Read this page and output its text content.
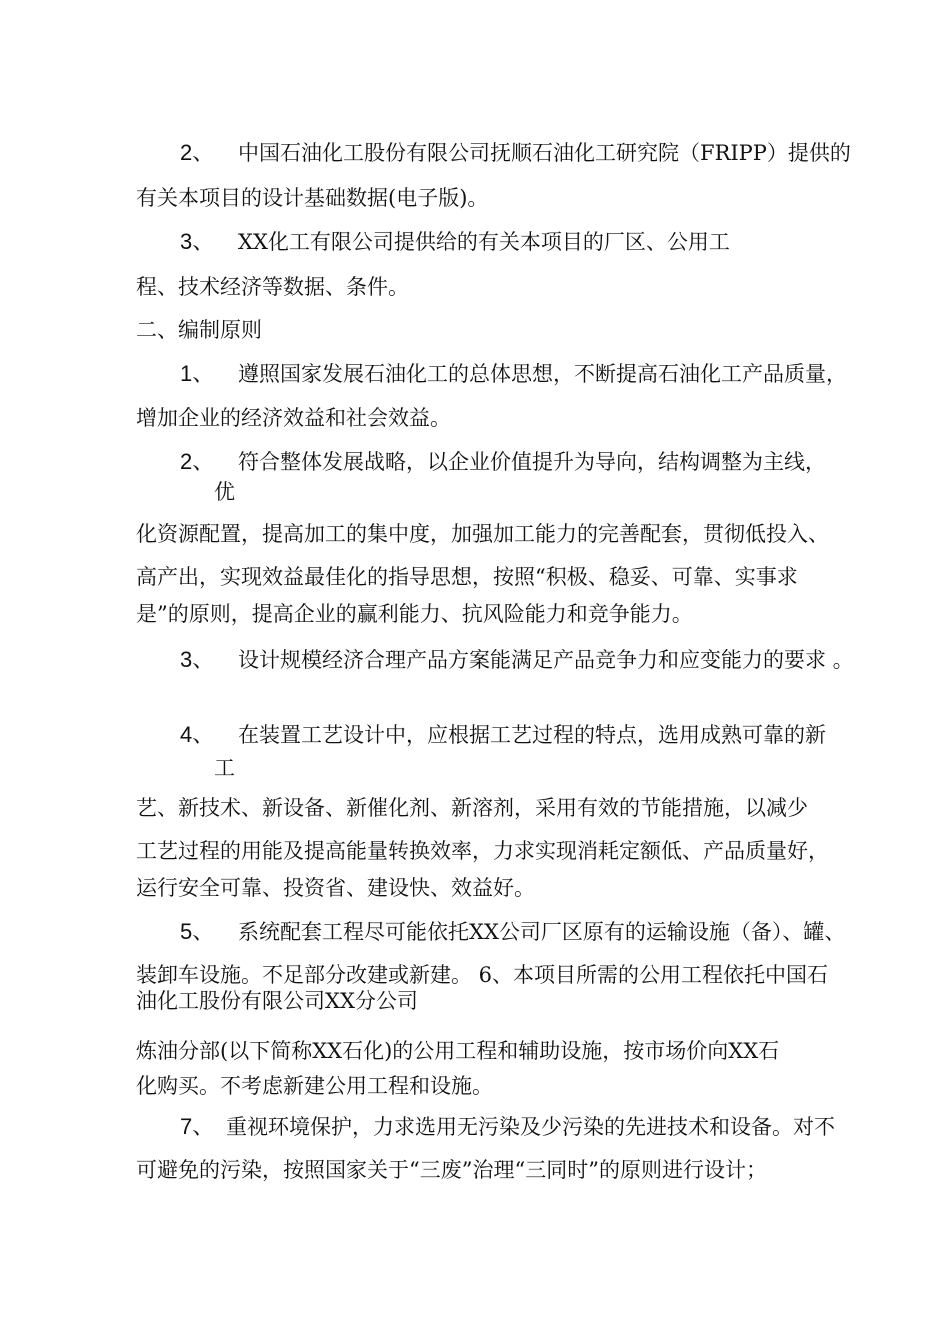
2、 中国石油化工股份有限公司抚顺石油化工研究院（FRIPP）提供的
有关本项目的设计基础数据(电子版)。
3、 XX化工有限公司提供给的有关本项目的厂区、公用工
程、技术经济等数据、条件。
二、编制原则
1、 遵照国家发展石油化工的总体思想，不断提高石油化工产品质量，
增加企业的经济效益和社会效益。
2、 符合整体发展战略，以企业价值提升为导向，结构调整为主线，
优
化资源配置，提高加工的集中度，加强加工能力的完善配套，贯彻低投入、
高产出，实现效益最佳化的指导思想，按照“积极、稳妥、可靠、实事求
是”的原则，提高企业的赢利能力、抗风险能力和竞争能力。
3、 设计规模经济合理产品方案能满足产品竞争力和应变能力的要求 。
4、 在装置工艺设计中，应根据工艺过程的特点，选用成熟可靠的新
工
艺、新技术、新设备、新催化剂、新溶剂，采用有效的节能措施，以减少
工艺过程的用能及提高能量转换效率，力求实现消耗定额低、产品质量好，
运行安全可靠、投资省、建设快、效益好。
5、 系统配套工程尽可能依托XX公司厂区原有的运输设施（备）、罐、
装卸车设施。不足部分改建或新建。 6、本项目所需的公用工程依托中国石
油化工股份有限公司XX分公司
炼油分部(以下简称XX石化)的公用工程和辅助设施，按市场价向XX石
化购买。不考虑新建公用工程和设施。
7、 重视环境保护，力求选用无污染及少污染的先进技术和设备。对不
可避免的污染，按照国家关于“三废”治理“三同时”的原则进行设计；
